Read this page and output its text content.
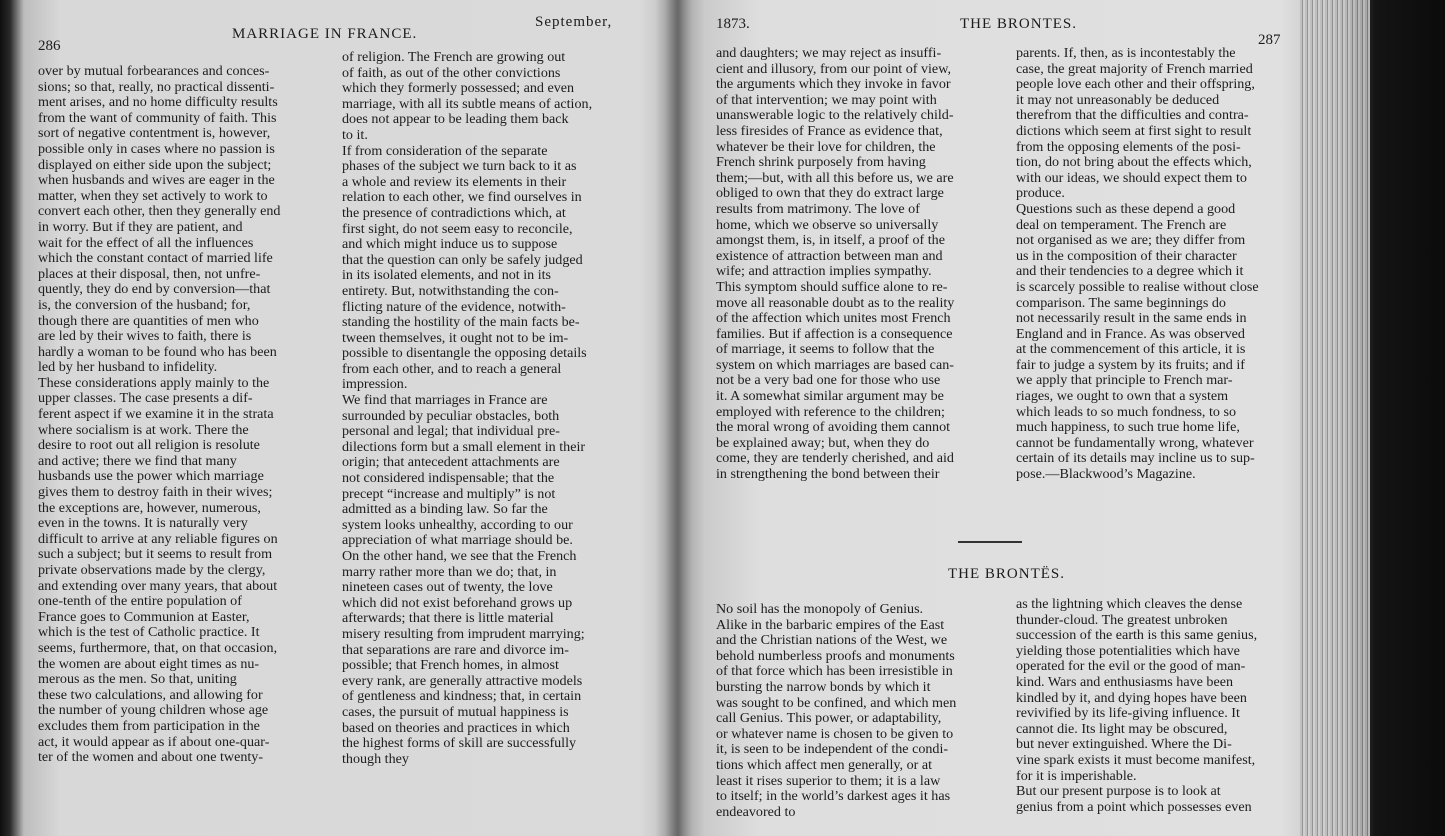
286
MARRIAGE IN FRANCE.
September,
over by mutual forbearances and conces-
sions; so that, really, no practical dissenti-
ment arises, and no home difficulty results
from the want of community of faith. This
sort of negative contentment is, however,
possible only in cases where no passion is
displayed on either side upon the subject;
when husbands and wives are eager in the
matter, when they set actively to work to
convert each other, then they generally end
in worry. But if they are patient, and
wait for the effect of all the influences
which the constant contact of married life
places at their disposal, then, not unfre-
quently, they do end by conversion—that
is, the conversion of the husband; for,
though there are quantities of men who
are led by their wives to faith, there is
hardly a woman to be found who has been
led by her husband to infidelity.
These considerations apply mainly to the
upper classes. The case presents a dif-
ferent aspect if we examine it in the strata
where socialism is at work. There the
desire to root out all religion is resolute
and active; there we find that many
husbands use the power which marriage
gives them to destroy faith in their wives;
the exceptions are, however, numerous,
even in the towns. It is naturally very
difficult to arrive at any reliable figures on
such a subject; but it seems to result from
private observations made by the clergy,
and extending over many years, that about
one-tenth of the entire population of
France goes to Communion at Easter,
which is the test of Catholic practice. It
seems, furthermore, that, on that occasion,
the women are about eight times as nu-
merous as the men. So that, uniting
these two calculations, and allowing for
the number of young children whose age
excludes them from participation in the
act, it would appear as if about one-quar-
ter of the women and about one twenty-
of religion. The French are growing out
of faith, as out of the other convictions
which they formerly possessed; and even
marriage, with all its subtle means of action,
does not appear to be leading them back
to it.
If from consideration of the separate
phases of the subject we turn back to it as
a whole and review its elements in their
relation to each other, we find ourselves in
the presence of contradictions which, at
first sight, do not seem easy to reconcile,
and which might induce us to suppose
that the question can only be safely judged
in its isolated elements, and not in its
entirety. But, notwithstanding the con-
flicting nature of the evidence, notwith-
standing the hostility of the main facts be-
tween themselves, it ought not to be im-
possible to disentangle the opposing details
from each other, and to reach a general
impression.
We find that marriages in France are
surrounded by peculiar obstacles, both
personal and legal; that individual pre-
dilections form but a small element in their
origin; that antecedent attachments are
not considered indispensable; that the
precept “increase and multiply” is not
admitted as a binding law. So far the
system looks unhealthy, according to our
appreciation of what marriage should be.
On the other hand, we see that the French
marry rather more than we do; that, in
nineteen cases out of twenty, the love
which did not exist beforehand grows up
afterwards; that there is little material
misery resulting from imprudent marrying;
that separations are rare and divorce im-
possible; that French homes, in almost
every rank, are generally attractive models
of gentleness and kindness; that, in certain
cases, the pursuit of mutual happiness is
based on theories and practices in which
the highest forms of skill are successfully
though they
1873.	THE BRONTES.
287
and daughters; we may reject as insuffi-
cient and illusory, from our point of view,
the arguments which they invoke in favor
of that intervention; we may point with
unanswerable logic to the relatively child-
less firesides of France as evidence that,
whatever be their love for children, the
French shrink purposely from having
them;—but, with all this before us, we are
obliged to own that they do extract large
results from matrimony. The love of
home, which we observe so universally
amongst them, is, in itself, a proof of the
existence of attraction between man and
wife; and attraction implies sympathy.
This symptom should suffice alone to re-
move all reasonable doubt as to the reality
of the affection which unites most French
families. But if affection is a consequence
of marriage, it seems to follow that the
system on which marriages are based can-
not be a very bad one for those who use
it. A somewhat similar argument may be
employed with reference to the children;
the moral wrong of avoiding them cannot
be explained away; but, when they do
come, they are tenderly cherished, and aid
in strengthening the bond between their
parents. If, then, as is incontestably the
case, the great majority of French married
people love each other and their offspring,
it may not unreasonably be deduced
therefrom that the difficulties and contra-
dictions which seem at first sight to result
from the opposing elements of the posi-
tion, do not bring about the effects which,
with our ideas, we should expect them to
produce.
Questions such as these depend a good
deal on temperament. The French are
not organised as we are; they differ from
us in the composition of their character
and their tendencies to a degree which it
is scarcely possible to realise without close
comparison. The same beginnings do
not necessarily result in the same ends in
England and in France. As was observed
at the commencement of this article, it is
fair to judge a system by its fruits; and if
we apply that principle to French mar-
riages, we ought to own that a system
which leads to so much fondness, to so
much happiness, to such true home life,
cannot be fundamentally wrong, whatever
certain of its details may incline us to sup-
pose.—Blackwood’s Magazine.
THE BRONTËS.
No soil has the monopoly of Genius.
Alike in the barbaric empires of the East
and the Christian nations of the West, we
behold numberless proofs and monuments
of that force which has been irresistible in
bursting the narrow bonds by which it
was sought to be confined, and which men
call Genius. This power, or adaptability,
or whatever name is chosen to be given to
it, is seen to be independent of the condi-
tions which affect men generally, or at
least it rises superior to them; it is a law
to itself; in the world’s darkest ages it has
endeavored to
as the lightning which cleaves the dense
thunder-cloud. The greatest unbroken
succession of the earth is this same genius,
yielding those potentialities which have
operated for the evil or the good of man-
kind. Wars and enthusiasms have been
kindled by it, and dying hopes have been
revivified by its life-giving influence. It
cannot die. Its light may be obscured,
but never extinguished. Where the Di-
vine spark exists it must become manifest,
for it is imperishable.
But our present purpose is to look at
genius from a point which possesses even
